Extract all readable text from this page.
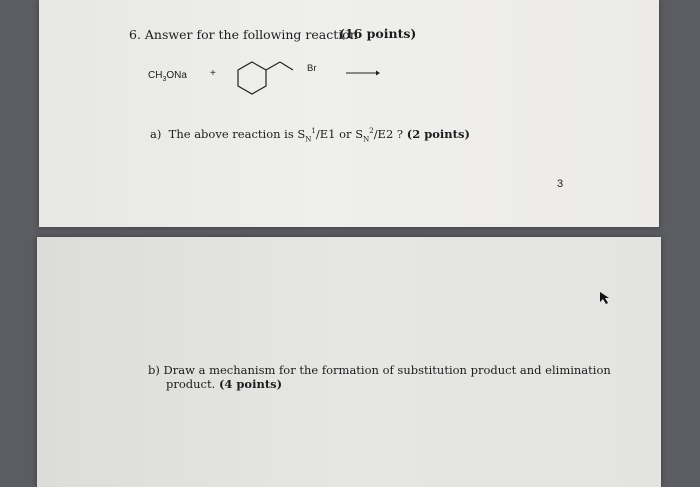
6. Answer for the following reaction
(16 points)
$CH_3ONa$ +	Br
a) The above reaction is $S_N^1/E1$ or $S_N^2/E2$ ? (2 points)
3
b) Draw a mechanism for the formation of substitution product and elimination
product. (4 points)
